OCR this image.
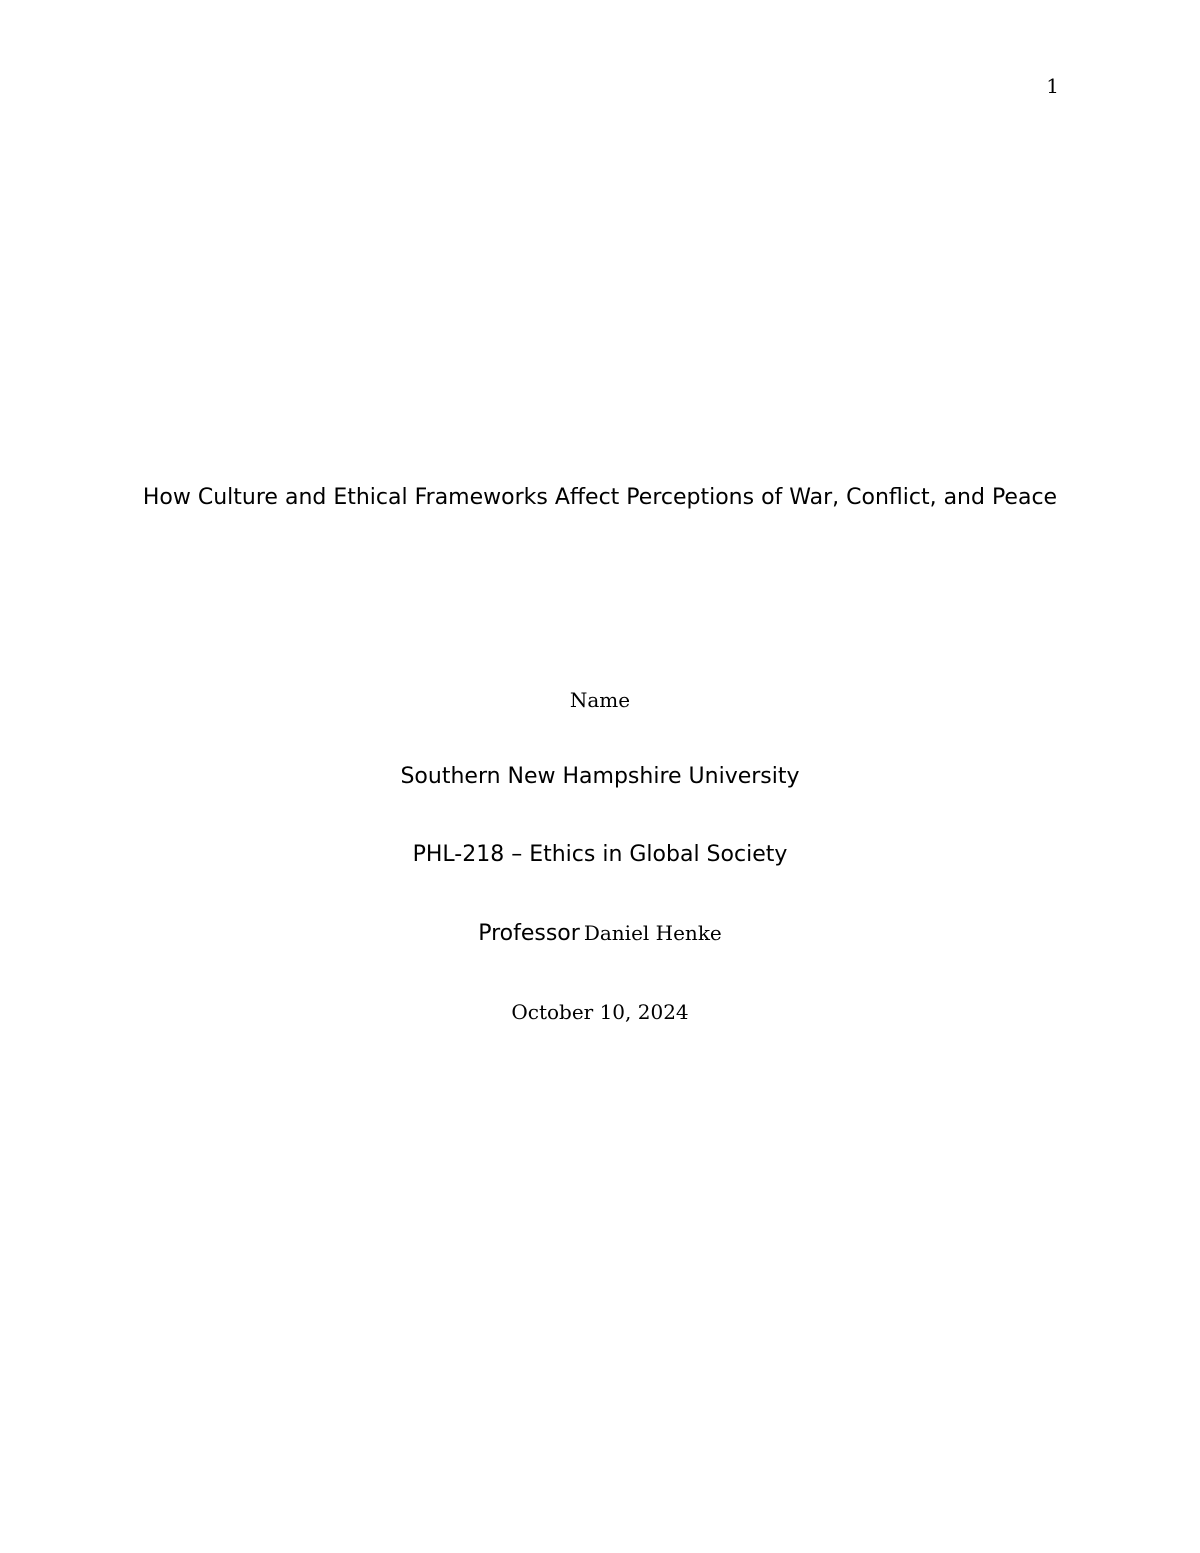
1
How Culture and Ethical Frameworks Affect Perceptions of War, Conflict, and Peace
Name
Southern New Hampshire University
PHL-218 – Ethics in Global Society
Professor Daniel Henke
October 10, 2024
